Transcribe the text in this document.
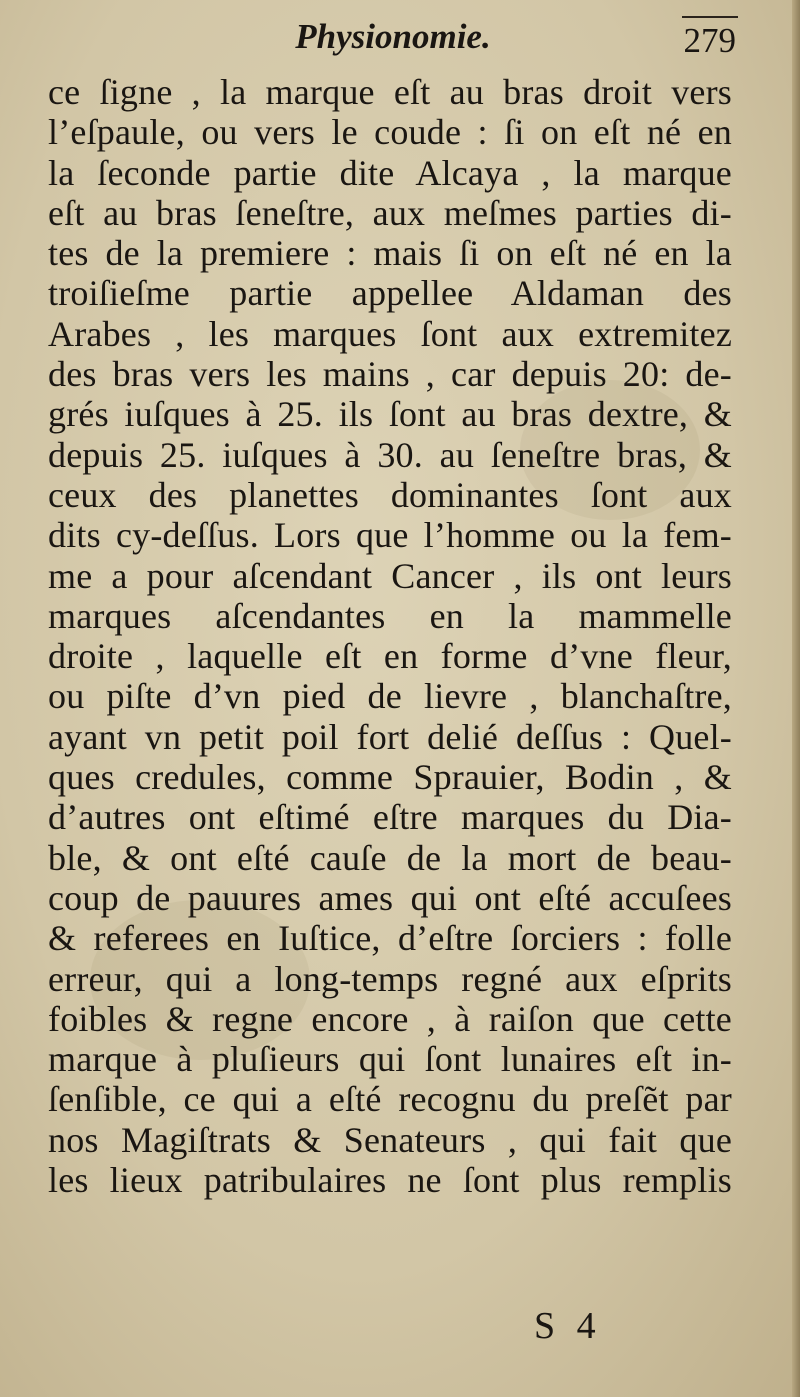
Physionomie.	279
ce ſigne , la marque eſt au bras droit vers
l’eſpaule, ou vers le coude : ſi on eſt né en
la ſeconde partie dite Alcaya , la marque
eſt au bras ſeneſtre, aux meſmes parties di-
tes de la premiere : mais ſi on eſt né en la
troiſieſme partie appellee Aldaman des
Arabes , les marques ſont aux extremitez
des bras vers les mains , car depuis 20: de-
grés iuſques à 25. ils ſont au bras dextre, &
depuis 25. iuſques à 30. au ſeneſtre bras, &
ceux des planettes dominantes ſont aux
dits cy-deſſus. Lors que l’homme ou la fem-
me a pour aſcendant Cancer , ils ont leurs
marques aſcendantes en la mammelle
droite , laquelle eſt en forme d’vne fleur,
ou piſte d’vn pied de lievre , blanchaſtre,
ayant vn petit poil fort delié deſſus : Quel-
ques credules, comme Sprauier, Bodin , &
d’autres ont eſtimé eſtre marques du Dia-
ble, & ont eſté cauſe de la mort de beau-
coup de pauures ames qui ont eſté accuſees
& referees en Iuſtice, d’eſtre ſorciers : folle
erreur, qui a long-temps regné aux eſprits
foibles & regne encore , à raiſon que cette
marque à pluſieurs qui ſont lunaires eſt in-
ſenſible, ce qui a eſté recognu du preſẽt par
nos Magiſtrats & Senateurs , qui fait que
les lieux patribulaires ne ſont plus remplis
S 4
